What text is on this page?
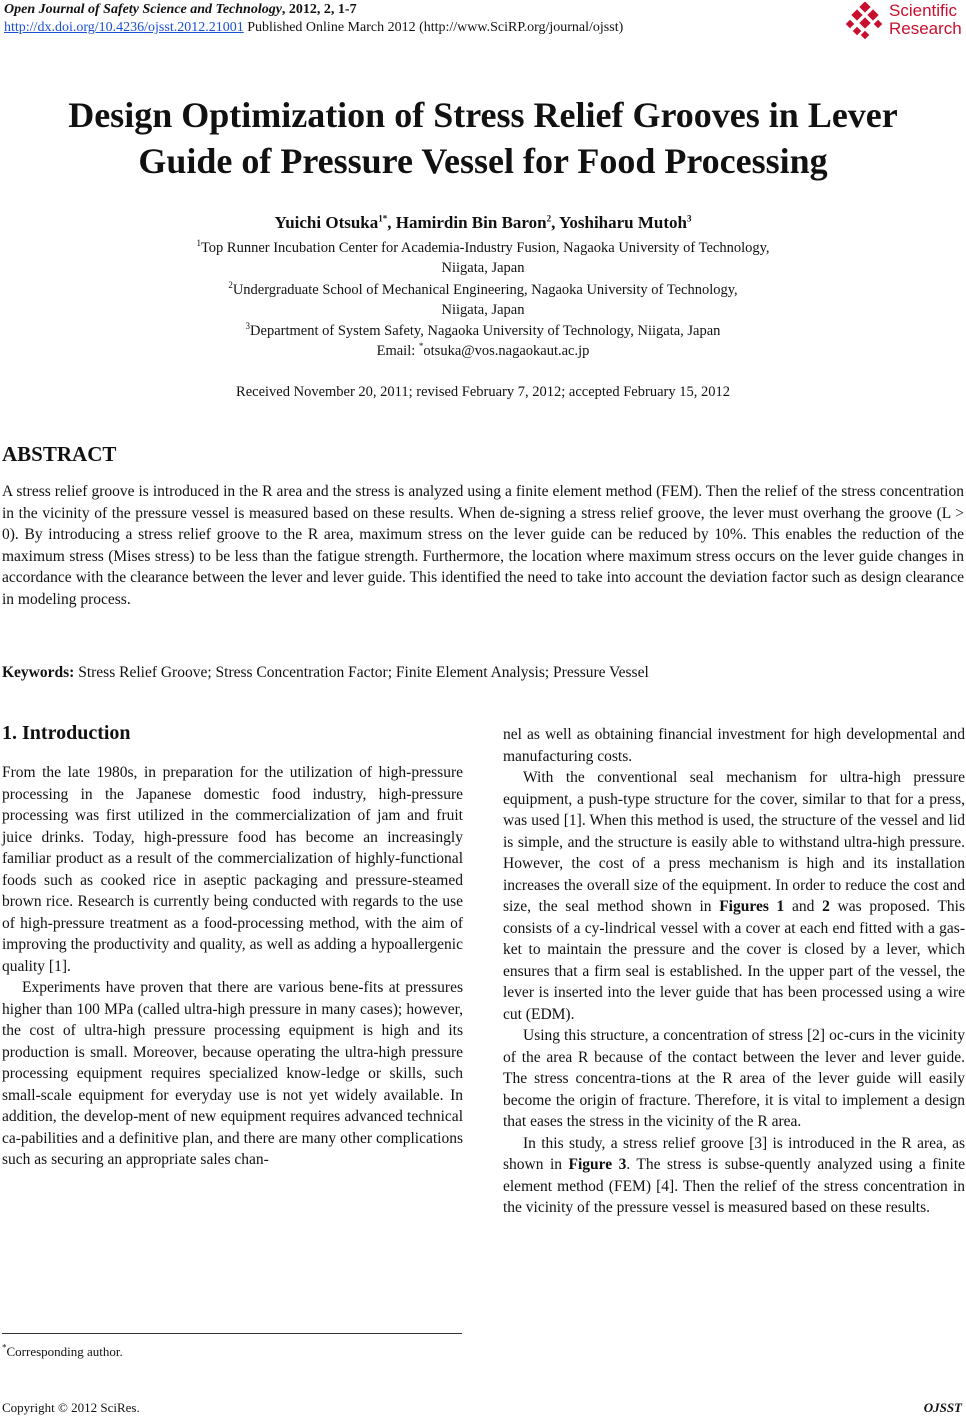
Open Journal of Safety Science and Technology, 2012, 2, 1-7
http://dx.doi.org/10.4236/ojsst.2012.21001 Published Online March 2012 (http://www.SciRP.org/journal/ojsst)
Scientific
Research
Design Optimization of Stress Relief Grooves in Lever
Guide of Pressure Vessel for Food Processing
Yuichi Otsuka$^{1*}$, Hamirdin Bin Baron$^2$, Yoshiharu Mutoh$^3$
$^1$Top Runner Incubation Center for Academia-Industry Fusion, Nagaoka University of Technology,
Niigata, Japan
$^2$Undergraduate School of Mechanical Engineering, Nagaoka University of Technology,
Niigata, Japan
$^3$Department of System Safety, Nagaoka University of Technology, Niigata, Japan
Email: *otsuka@vos.nagaokaut.ac.jp
Received November 20, 2011; revised February 7, 2012; accepted February 15, 2012
ABSTRACT
A stress relief groove is introduced in the R area and the stress is analyzed using a finite element method (FEM). Then the relief of the stress concentration in the vicinity of the pressure vessel is measured based on these results. When de-signing a stress relief groove, the lever must overhang the groove (L > 0). By introducing a stress relief groove to the R area, maximum stress on the lever guide can be reduced by 10%. This enables the reduction of the maximum stress (Mises stress) to be less than the fatigue strength. Furthermore, the location where maximum stress occurs on the lever guide changes in accordance with the clearance between the lever and lever guide. This identified the need to take into account the deviation factor such as design clearance in modeling process.
Keywords: Stress Relief Groove; Stress Concentration Factor; Finite Element Analysis; Pressure Vessel
1. Introduction

From the late 1980s, in preparation for the utilization of high-pressure processing in the Japanese domestic food industry, high-pressure processing was first utilized in the commercialization of jam and fruit juice drinks. Today, high-pressure food has become an increasingly familiar product as a result of the commercialization of highly-functional foods such as cooked rice in aseptic packaging and pressure-steamed brown rice. Research is currently being conducted with regards to the use of high-pressure treatment as a food-processing method, with the aim of improving the productivity and quality, as well as adding a hypoallergenic quality [1].

Experiments have proven that there are various bene-fits at pressures higher than 100 MPa (called ultra-high pressure in many cases); however, the cost of ultra-high pressure processing equipment is high and its production is small. Moreover, because operating the ultra-high pressure processing equipment requires specialized know-ledge or skills, such small-scale equipment for everyday use is not yet widely available. In addition, the develop-ment of new equipment requires advanced technical ca-pabilities and a definitive plan, and there are many other complications such as securing an appropriate sales chan-

nel as well as obtaining financial investment for high developmental and manufacturing costs.

With the conventional seal mechanism for ultra-high pressure equipment, a push-type structure for the cover, similar to that for a press, was used [1]. When this method is used, the structure of the vessel and lid is simple, and the structure is easily able to withstand ultra-high pressure. However, the cost of a press mechanism is high and its installation increases the overall size of the equipment. In order to reduce the cost and size, the seal method shown in Figures 1 and 2 was proposed. This consists of a cy-lindrical vessel with a cover at each end fitted with a gas-ket to maintain the pressure and the cover is closed by a lever, which ensures that a firm seal is established. In the upper part of the vessel, the lever is inserted into the lever guide that has been processed using a wire cut (EDM).

Using this structure, a concentration of stress [2] oc-curs in the vicinity of the area R because of the contact between the lever and lever guide. The stress concentra-tions at the R area of the lever guide will easily become the origin of fracture. Therefore, it is vital to implement a design that eases the stress in the vicinity of the R area.

In this study, a stress relief groove [3] is introduced in the R area, as shown in Figure 3. The stress is subse-quently analyzed using a finite element method (FEM) [4]. Then the relief of the stress concentration in the vicinity of the pressure vessel is measured based on these results.

*Corresponding author.
Copyright © 2012 SciRes.	OJSST
